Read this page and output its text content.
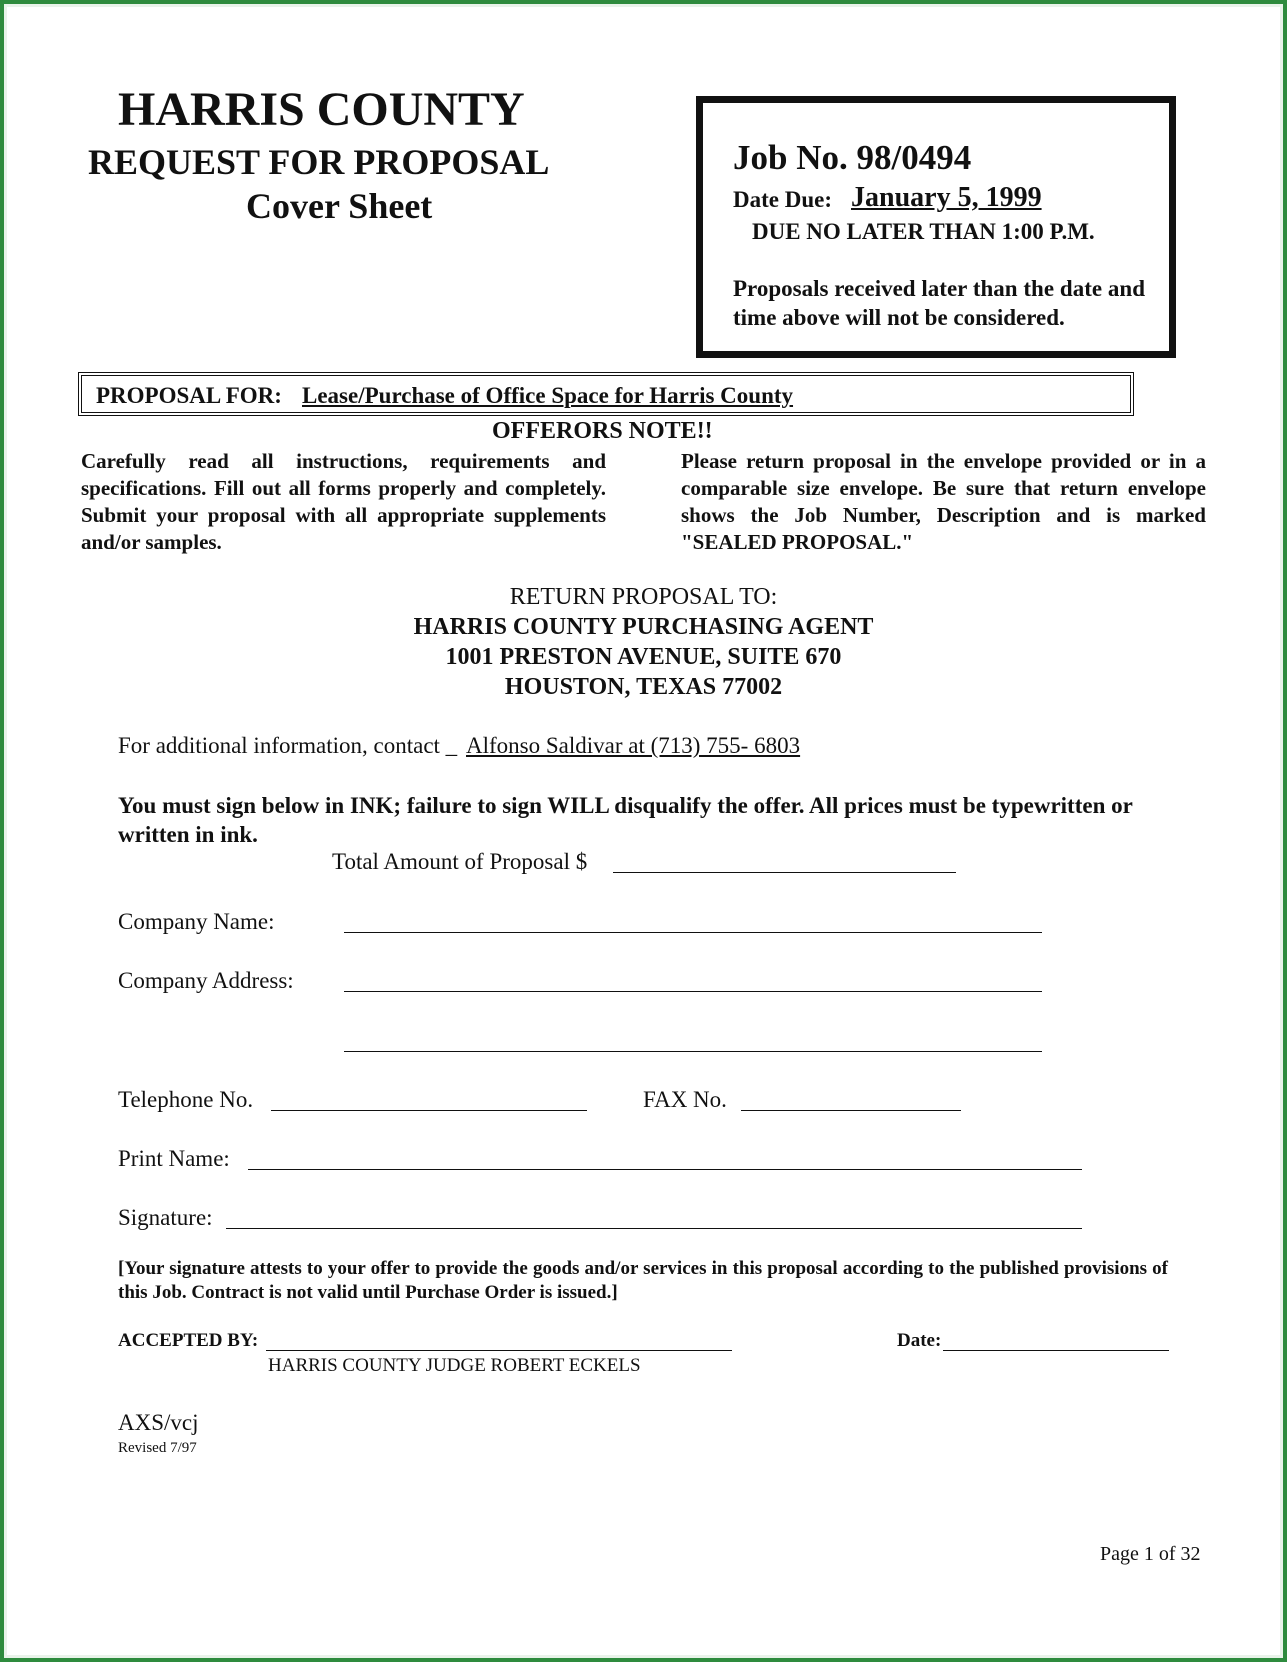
HARRIS COUNTY
REQUEST FOR PROPOSAL
Cover Sheet
Job No. 98/0494
Date Due: January 5, 1999
DUE NO LATER THAN 1:00 P.M.
Proposals received later than the date and time above will not be considered.
PROPOSAL FOR: Lease/Purchase of Office Space for Harris County
OFFERORS NOTE!!
Carefully read all instructions, requirements and specifications. Fill out all forms properly and completely. Submit your proposal with all appropriate supplements and/or samples.
Please return proposal in the envelope provided or in a comparable size envelope. Be sure that return envelope shows the Job Number, Description and is marked "SEALED PROPOSAL."
RETURN PROPOSAL TO:
HARRIS COUNTY PURCHASING AGENT
1001 PRESTON AVENUE, SUITE 670
HOUSTON, TEXAS 77002
For additional information, contact _ Alfonso Saldivar at (713) 755- 6803
You must sign below in INK; failure to sign WILL disqualify the offer. All prices must be typewritten or written in ink.
Total Amount of Proposal $
Company Name:
Company Address:
Telephone No.	FAX No.
Print Name:
Signature:
[Your signature attests to your offer to provide the goods and/or services in this proposal according to the published provisions of this Job. Contract is not valid until Purchase Order is issued.]
ACCEPTED BY:
HARRIS COUNTY JUDGE ROBERT ECKELS
Date:
AXS/vcj
Revised 7/97
Page 1 of 32
